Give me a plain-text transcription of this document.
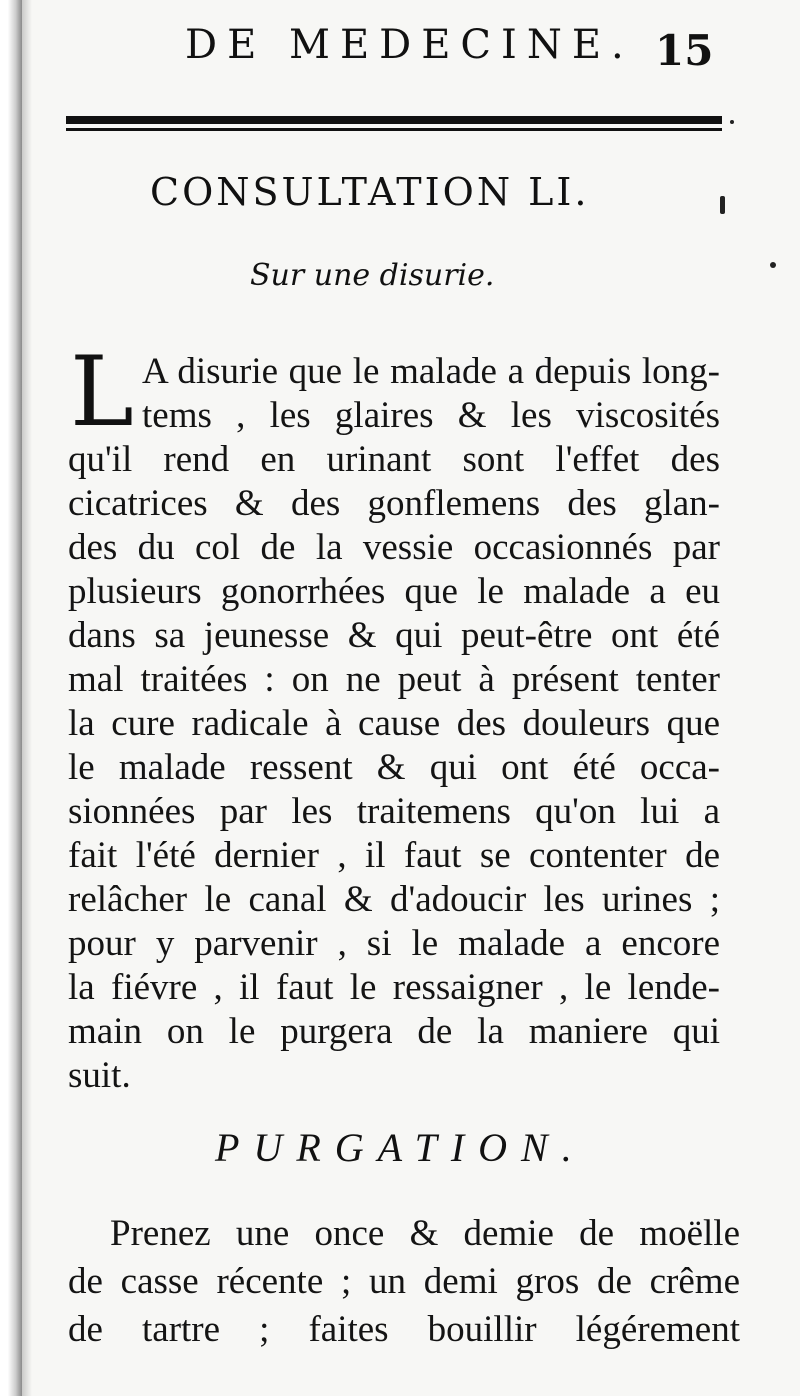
DE MEDECINE. 15
CONSULTATION LI.
Sur une disurie.
L A disurie que le malade a depuis long-
tems , les glaires & les viscosités
qu'il rend en urinant sont l'effet des
cicatrices & des gonflemens des glan-
des du col de la vessie occasionnés par
plusieurs gonorrhées que le malade a eu
dans sa jeunesse & qui peut-être ont été
mal traitées : on ne peut à présent tenter
la cure radicale à cause des douleurs que
le malade ressent & qui ont été occa-
sionnées par les traitemens qu'on lui a
fait l'été dernier , il faut se contenter de
relâcher le canal & d'adoucir les urines ;
pour y parvenir , si le malade a encore
la fiévre , il faut le ressaigner , le lende-
main on le purgera de la maniere qui
suit.
PURGATION.
Prenez une once & demie de moëlle
de casse récente ; un demi gros de crême
de tartre ; faites bouillir légérement
